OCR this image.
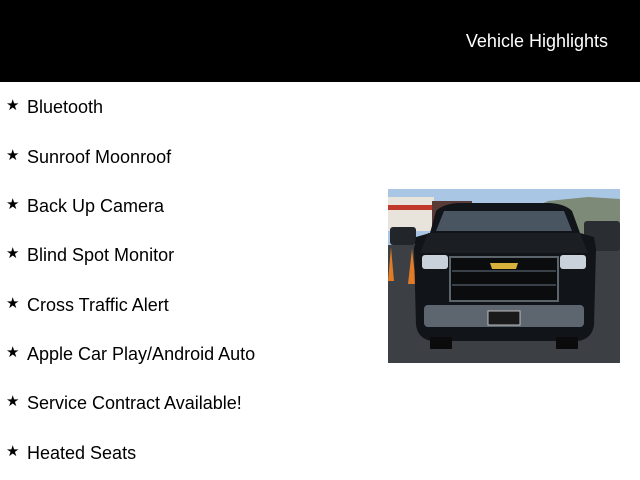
Vehicle Highlights
★ Bluetooth
★ Sunroof Moonroof
★ Back Up Camera
★ Blind Spot Monitor
★ Cross Traffic Alert
★ Apple Car Play/Android Auto
★ Service Contract Available!
★ Heated Seats
